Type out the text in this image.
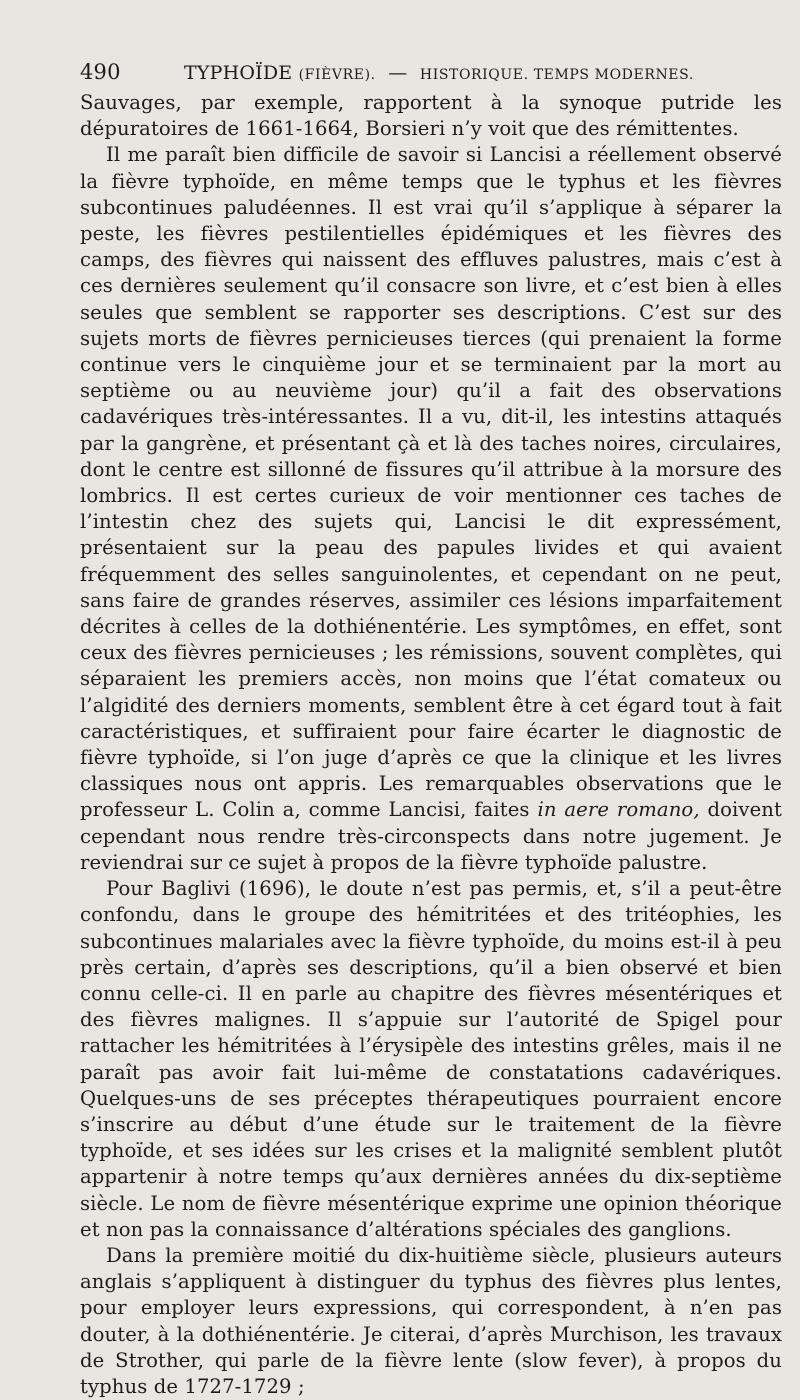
490	TYPHOÏDE (FIÈVRE). — HISTORIQUE. TEMPS MODERNES.

Sauvages, par exemple, rapportent à la synoque putride les dépuratoires de 1661-1664, Borsieri n’y voit que des rémittentes.

Il me paraît bien difficile de savoir si Lancisi a réellement observé la fièvre typhoïde, en même temps que le typhus et les fièvres subcontinues paludéennes. Il est vrai qu’il s’applique à séparer la peste, les fièvres pestilentielles épidémiques et les fièvres des camps, des fièvres qui naissent des effluves palustres, mais c’est à ces dernières seulement qu’il consacre son livre, et c’est bien à elles seules que semblent se rapporter ses descriptions. C’est sur des sujets morts de fièvres pernicieuses tierces (qui prenaient la forme continue vers le cinquième jour et se terminaient par la mort au septième ou au neuvième jour) qu’il a fait des observations cadavériques très-intéressantes. Il a vu, dit-il, les intestins attaqués par la gangrène, et présentant çà et là des taches noires, circulaires, dont le centre est sillonné de fissures qu’il attribue à la morsure des lombrics. Il est certes curieux de voir mentionner ces taches de l’intestin chez des sujets qui, Lancisi le dit expressément, présentaient sur la peau des papules livides et qui avaient fréquemment des selles sanguinolentes, et cependant on ne peut, sans faire de grandes réserves, assimiler ces lésions imparfaitement décrites à celles de la dothiénentérie. Les symptômes, en effet, sont ceux des fièvres pernicieuses ; les rémissions, souvent complètes, qui séparaient les premiers accès, non moins que l’état comateux ou l’algidité des derniers moments, semblent être à cet égard tout à fait caractéristiques, et suffiraient pour faire écarter le diagnostic de fièvre typhoïde, si l’on juge d’après ce que la clinique et les livres classiques nous ont appris. Les remarquables observations que le professeur L. Colin a, comme Lancisi, faites in aere romano, doivent cependant nous rendre très-circonspects dans notre jugement. Je reviendrai sur ce sujet à propos de la fièvre typhoïde palustre.

Pour Baglivi (1696), le doute n’est pas permis, et, s’il a peut-être confondu, dans le groupe des hémitritées et des tritéophies, les subcontinues malariales avec la fièvre typhoïde, du moins est-il à peu près certain, d’après ses descriptions, qu’il a bien observé et bien connu celle-ci. Il en parle au chapitre des fièvres mésentériques et des fièvres malignes. Il s’appuie sur l’autorité de Spigel pour rattacher les hémitritées à l’érysipèle des intestins grêles, mais il ne paraît pas avoir fait lui-même de constatations cadavériques. Quelques-uns de ses préceptes thérapeutiques pourraient encore s’inscrire au début d’une étude sur le traitement de la fièvre typhoïde, et ses idées sur les crises et la malignité semblent plutôt appartenir à notre temps qu’aux dernières années du dix-septième siècle. Le nom de fièvre mésentérique exprime une opinion théorique et non pas la connaissance d’altérations spéciales des ganglions.

Dans la première moitié du dix-huitième siècle, plusieurs auteurs anglais s’appliquent à distinguer du typhus des fièvres plus lentes, pour employer leurs expressions, qui correspondent, à n’en pas douter, à la dothiénentérie. Je citerai, d’après Murchison, les travaux de Strother, qui parle de la fièvre lente (slow fever), à propos du typhus de 1727-1729 ;
